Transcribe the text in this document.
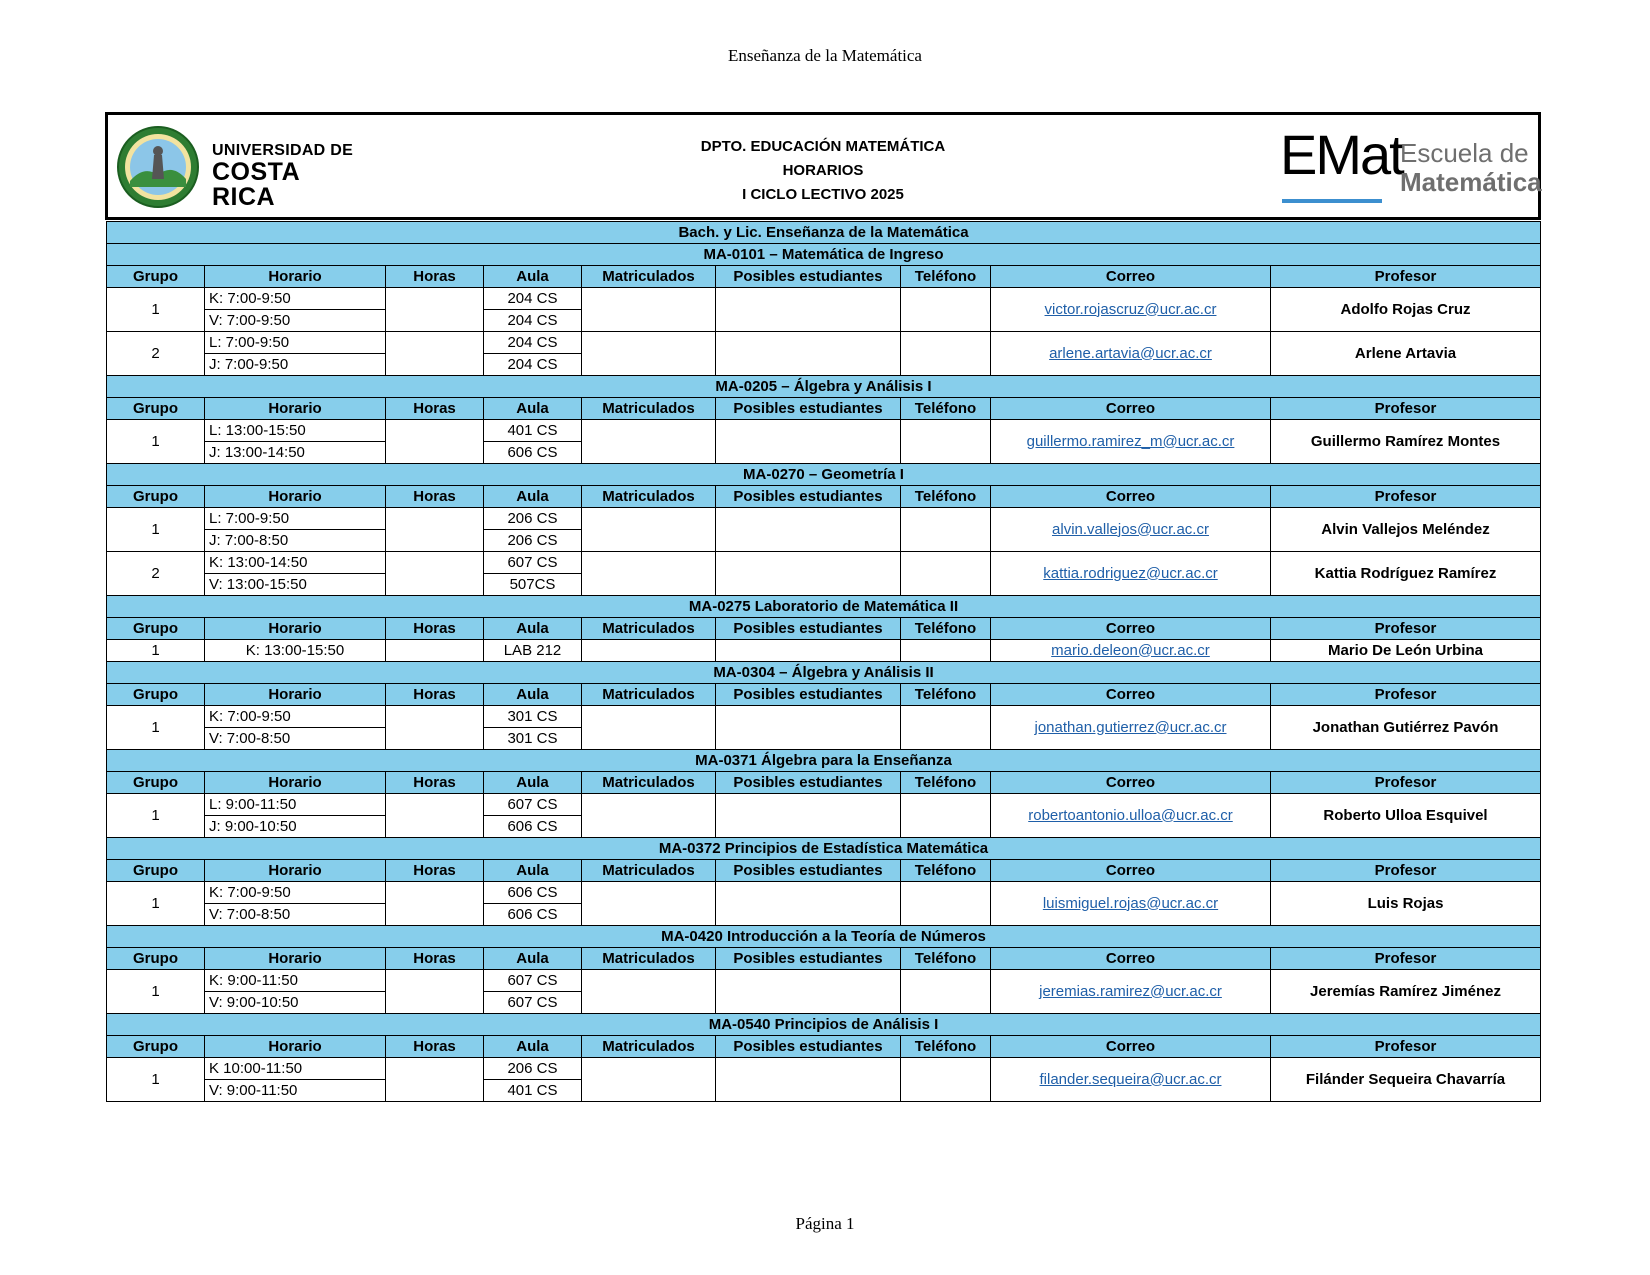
Enseñanza de la Matemática
UNIVERSIDAD DE
COSTA RICA
DPTO. EDUCACIÓN MATEMÁTICA
HORARIOS
I CICLO LECTIVO 2025
EMat
Escuela de
Matemática
Bach. y Lic. Enseñanza de la Matemática								
MA-0101 – Matemática de Ingreso								
Grupo	Horario	Horas	Aula	Matriculados	Posibles estudiantes	Teléfono	Correo	Profesor
1	K: 7:00-9:50		204 CS				victor.rojascruz@ucr.ac.cr	Adolfo Rojas Cruz
	V: 7:00-9:50		204 CS					
2	L: 7:00-9:50		204 CS				arlene.artavia@ucr.ac.cr	Arlene Artavia
	J: 7:00-9:50		204 CS					
MA-0205 – Álgebra y Análisis I								
Grupo	Horario	Horas	Aula	Matriculados	Posibles estudiantes	Teléfono	Correo	Profesor
1	L: 13:00-15:50		401 CS				guillermo.ramirez_m@ucr.ac.cr	Guillermo Ramírez Montes
	J: 13:00-14:50		606 CS					
MA-0270 – Geometría I								
Grupo	Horario	Horas	Aula	Matriculados	Posibles estudiantes	Teléfono	Correo	Profesor
1	L: 7:00-9:50		206 CS				alvin.vallejos@ucr.ac.cr	Alvin Vallejos Meléndez
	J: 7:00-8:50		206 CS					
2	K: 13:00-14:50		607 CS				kattia.rodriguez@ucr.ac.cr	Kattia Rodríguez Ramírez
	V: 13:00-15:50		507CS					
MA-0275 Laboratorio de Matemática II								
Grupo	Horario	Horas	Aula	Matriculados	Posibles estudiantes	Teléfono	Correo	Profesor
1	K: 13:00-15:50		LAB 212				mario.deleon@ucr.ac.cr	Mario De León Urbina
MA-0304 – Álgebra y Análisis II								
Grupo	Horario	Horas	Aula	Matriculados	Posibles estudiantes	Teléfono	Correo	Profesor
1	K: 7:00-9:50		301 CS				jonathan.gutierrez@ucr.ac.cr	Jonathan Gutiérrez Pavón
	V: 7:00-8:50		301 CS					
MA-0371 Álgebra para la Enseñanza								
Grupo	Horario	Horas	Aula	Matriculados	Posibles estudiantes	Teléfono	Correo	Profesor
1	L: 9:00-11:50		607 CS				robertoantonio.ulloa@ucr.ac.cr	Roberto Ulloa Esquivel
	J: 9:00-10:50		606 CS					
MA-0372 Principios de Estadística Matemática								
Grupo	Horario	Horas	Aula	Matriculados	Posibles estudiantes	Teléfono	Correo	Profesor
1	K: 7:00-9:50		606 CS				luismiguel.rojas@ucr.ac.cr	Luis Rojas
	V: 7:00-8:50		606 CS					
MA-0420 Introducción a la Teoría de Números								
Grupo	Horario	Horas	Aula	Matriculados	Posibles estudiantes	Teléfono	Correo	Profesor
1	K: 9:00-11:50		607 CS				jeremias.ramirez@ucr.ac.cr	Jeremías Ramírez Jiménez
	V: 9:00-10:50		607 CS					
MA-0540 Principios de Análisis I								
Grupo	Horario	Horas	Aula	Matriculados	Posibles estudiantes	Teléfono	Correo	Profesor
1	K 10:00-11:50		206 CS				filander.sequeira@ucr.ac.cr	Filánder Sequeira Chavarría
	V: 9:00-11:50		401 CS					
Página 1
